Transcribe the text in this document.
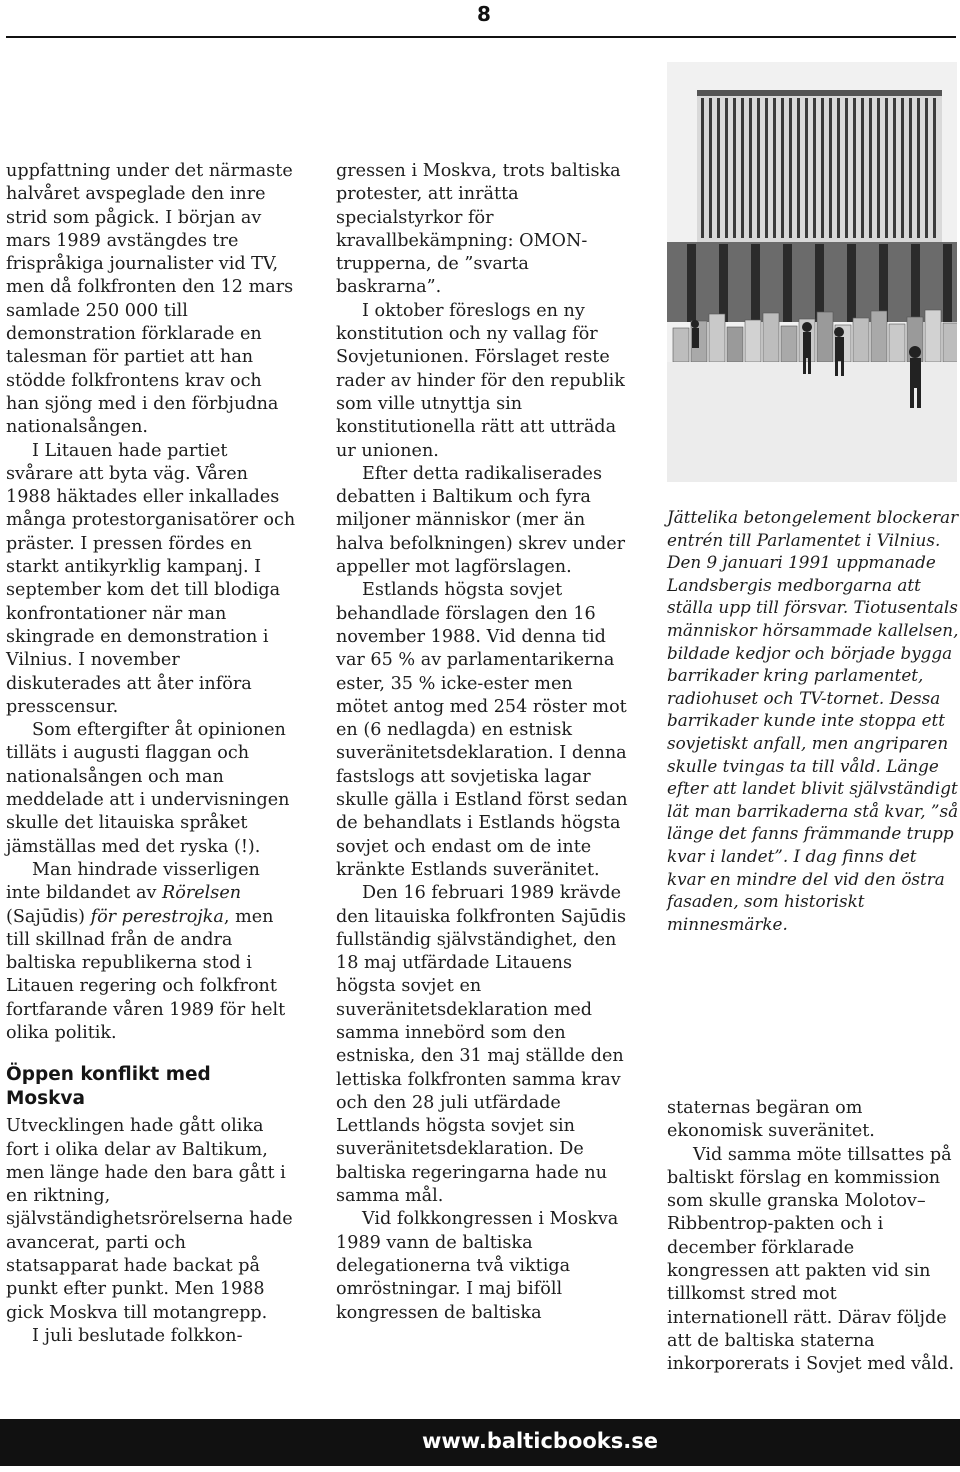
8

uppfattning under det närmaste halvåret avspeglade den inre strid som pågick. I början av mars 1989 avstängdes tre frispråkiga journalister vid TV, men då folkfronten den 12 mars samlade 250 000 till demonstration förklarade en talesman för partiet att han stödde folkfrontens krav och han sjöng med i den förbjudna nationalsången.

I Litauen hade partiet svårare att byta väg. Våren 1988 häktades eller inkallades många protestorganisatörer och präster. I pressen fördes en starkt antikyrklig kampanj. I september kom det till blodiga konfrontationer när man skingrade en demonstration i Vilnius. I november diskuterades att åter införa presscensur.

Som eftergifter åt opinionen tilläts i augusti flaggan och nationalsången och man meddelade att i undervisningen skulle det litauiska språket jämställas med det ryska (!).

Man hindrade visserligen inte bildandet av Rörelsen (Sajūdis) för perestrojka, men till skillnad från de andra baltiska republikerna stod i Litauen regering och folkfront fortfarande våren 1989 för helt olika politik.

Öppen konflikt med Moskva

Utvecklingen hade gått olika fort i olika delar av Baltikum, men länge hade den bara gått i en riktning, självständighetsrörelserna hade avancerat, parti och statsapparat hade backat på punkt efter punkt. Men 1988 gick Moskva till motangrepp.

I juli beslutade folkkon-

gressen i Moskva, trots baltiska protester, att inrätta specialstyrkor för kravallbekämpning: OMON-trupperna, de ”svarta baskrarna”.

I oktober föreslogs en ny konstitution och ny vallag för Sovjetunionen. Förslaget reste rader av hinder för den republik som ville utnyttja sin konstitutionella rätt att utträda ur unionen.

Efter detta radikaliserades debatten i Baltikum och fyra miljoner människor (mer än halva befolkningen) skrev under appeller mot lagförslagen.

Estlands högsta sovjet behandlade förslagen den 16 november 1988. Vid denna tid var 65 % av parlamentarikerna ester, 35 % icke-ester men mötet antog med 254 röster mot en (6 nedlagda) en estnisk suveränitetsdeklaration. I denna fastslogs att sovjetiska lagar skulle gälla i Estland först sedan de behandlats i Estlands högsta sovjet och endast om de inte kränkte Estlands suveränitet.

Den 16 februari 1989 krävde den litauiska folkfronten Sajūdis fullständig självständighet, den 18 maj utfärdade Litauens högsta sovjet en suveränitetsdeklaration med samma innebörd som den estniska, den 31 maj ställde den lettiska folkfronten samma krav och den 28 juli utfärdade Lettlands högsta sovjet sin suveränitetsdeklaration. De baltiska regeringarna hade nu samma mål.

Vid folkkongressen i Moskva 1989 vann de baltiska delegationerna två viktiga omröstningar. I maj biföll kongressen de baltiska

Jättelika betongelement blockerar entrén till Parlamentet i Vilnius. Den 9 januari 1991 uppmanade Landsbergis medborgarna att ställa upp till försvar. Tiotusentals människor hörsammade kallelsen, bildade kedjor och började bygga barrikader kring parlamentet, radiohuset och TV-tornet. Dessa barrikader kunde inte stoppa ett sovjetiskt anfall, men angriparen skulle tvingas ta till våld. Länge efter att landet blivit självständigt lät man barrikaderna stå kvar, ”så länge det fanns främmande trupp kvar i landet”. I dag finns det kvar en mindre del vid den östra fasaden, som historiskt minnesmärke.

staternas begäran om ekonomisk suveränitet.

Vid samma möte tillsattes på baltiskt förslag en kommission som skulle granska Molotov–Ribbentrop-pakten och i december förklarade kongressen att pakten vid sin tillkomst stred mot internationell rätt. Därav följde att de baltiska staterna inkorporerats i Sovjet med våld.

www.balticbooks.se
